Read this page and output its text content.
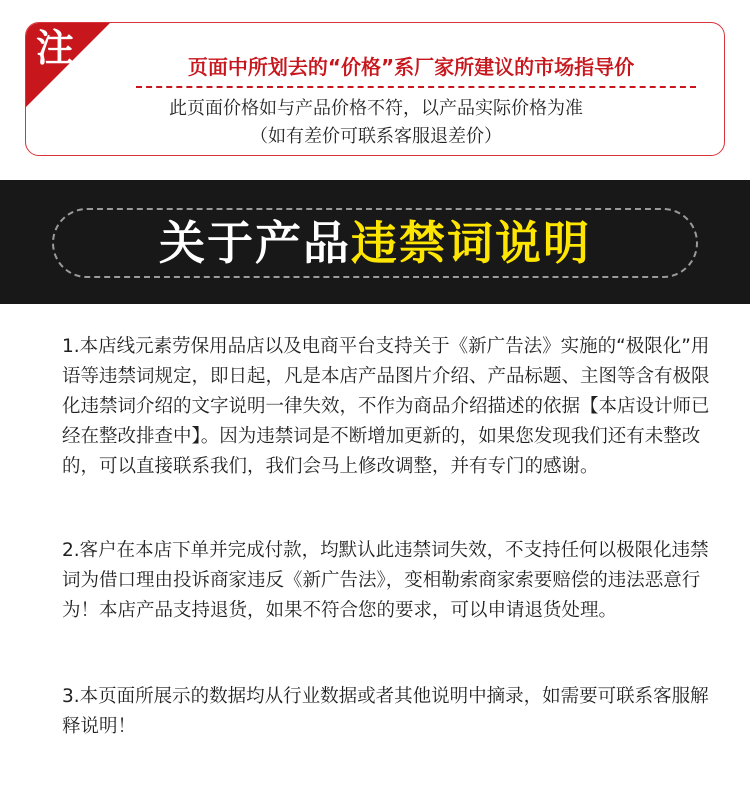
注	页面中所划去的“价格”系厂家所建议的市场指导价
此页面价格如与产品价格不符，以产品实际价格为准
（如有差价可联系客服退差价）
关于产品违禁词说明

1.本店线元素劳保用品店以及电商平台支持关于《新广告法》实施的“极限化”用语等违禁词规定，即日起，凡是本店产品图片介绍、产品标题、主图等含有极限化违禁词介绍的文字说明一律失效，不作为商品介绍描述的依据【本店设计师已经在整改排查中】。因为违禁词是不断增加更新的，如果您发现我们还有未整改的，可以直接联系我们，我们会马上修改调整，并有专门的感谢。

2.客户在本店下单并完成付款，均默认此违禁词失效，不支持任何以极限化违禁词为借口理由投诉商家违反《新广告法》，变相勒索商家索要赔偿的违法恶意行为！本店产品支持退货，如果不符合您的要求，可以申请退货处理。

3.本页面所展示的数据均从行业数据或者其他说明中摘录，如需要可联系客服解释说明！
